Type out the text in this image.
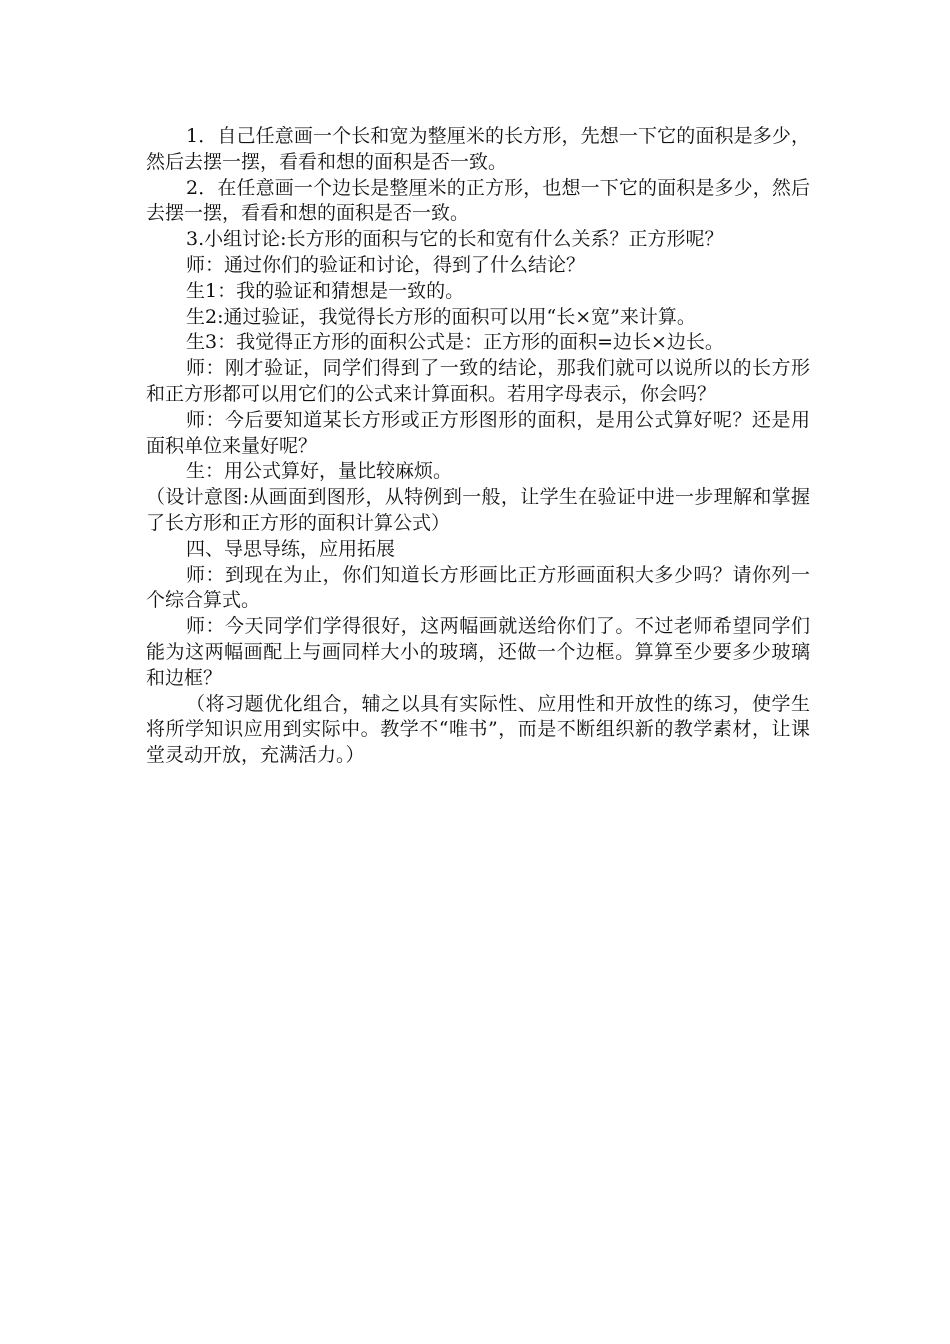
1．自己任意画一个长和宽为整厘米的长方形，先想一下它的面积是多少，然后去摆一摆，看看和想的面积是否一致。

2．在任意画一个边长是整厘米的正方形，也想一下它的面积是多少，然后去摆一摆，看看和想的面积是否一致。

3.小组讨论:长方形的面积与它的长和宽有什么关系？正方形呢？

师：通过你们的验证和讨论，得到了什么结论？

生1：我的验证和猜想是一致的。

生2:通过验证，我觉得长方形的面积可以用“长×宽”来计算。

生3：我觉得正方形的面积公式是：正方形的面积=边长×边长。

师：刚才验证，同学们得到了一致的结论，那我们就可以说所以的长方形和正方形都可以用它们的公式来计算面积。若用字母表示，你会吗？

师：今后要知道某长方形或正方形图形的面积，是用公式算好呢？还是用面积单位来量好呢？

生：用公式算好，量比较麻烦。

（设计意图:从画面到图形，从特例到一般，让学生在验证中进一步理解和掌握了长方形和正方形的面积计算公式）

四、导思导练，应用拓展

师：到现在为止，你们知道长方形画比正方形画面积大多少吗？请你列一个综合算式。

师：今天同学们学得很好，这两幅画就送给你们了。不过老师希望同学们能为这两幅画配上与画同样大小的玻璃，还做一个边框。算算至少要多少玻璃和边框？

（将习题优化组合，辅之以具有实际性、应用性和开放性的练习，使学生将所学知识应用到实际中。教学不“唯书”，而是不断组织新的教学素材，让课堂灵动开放，充满活力。）
